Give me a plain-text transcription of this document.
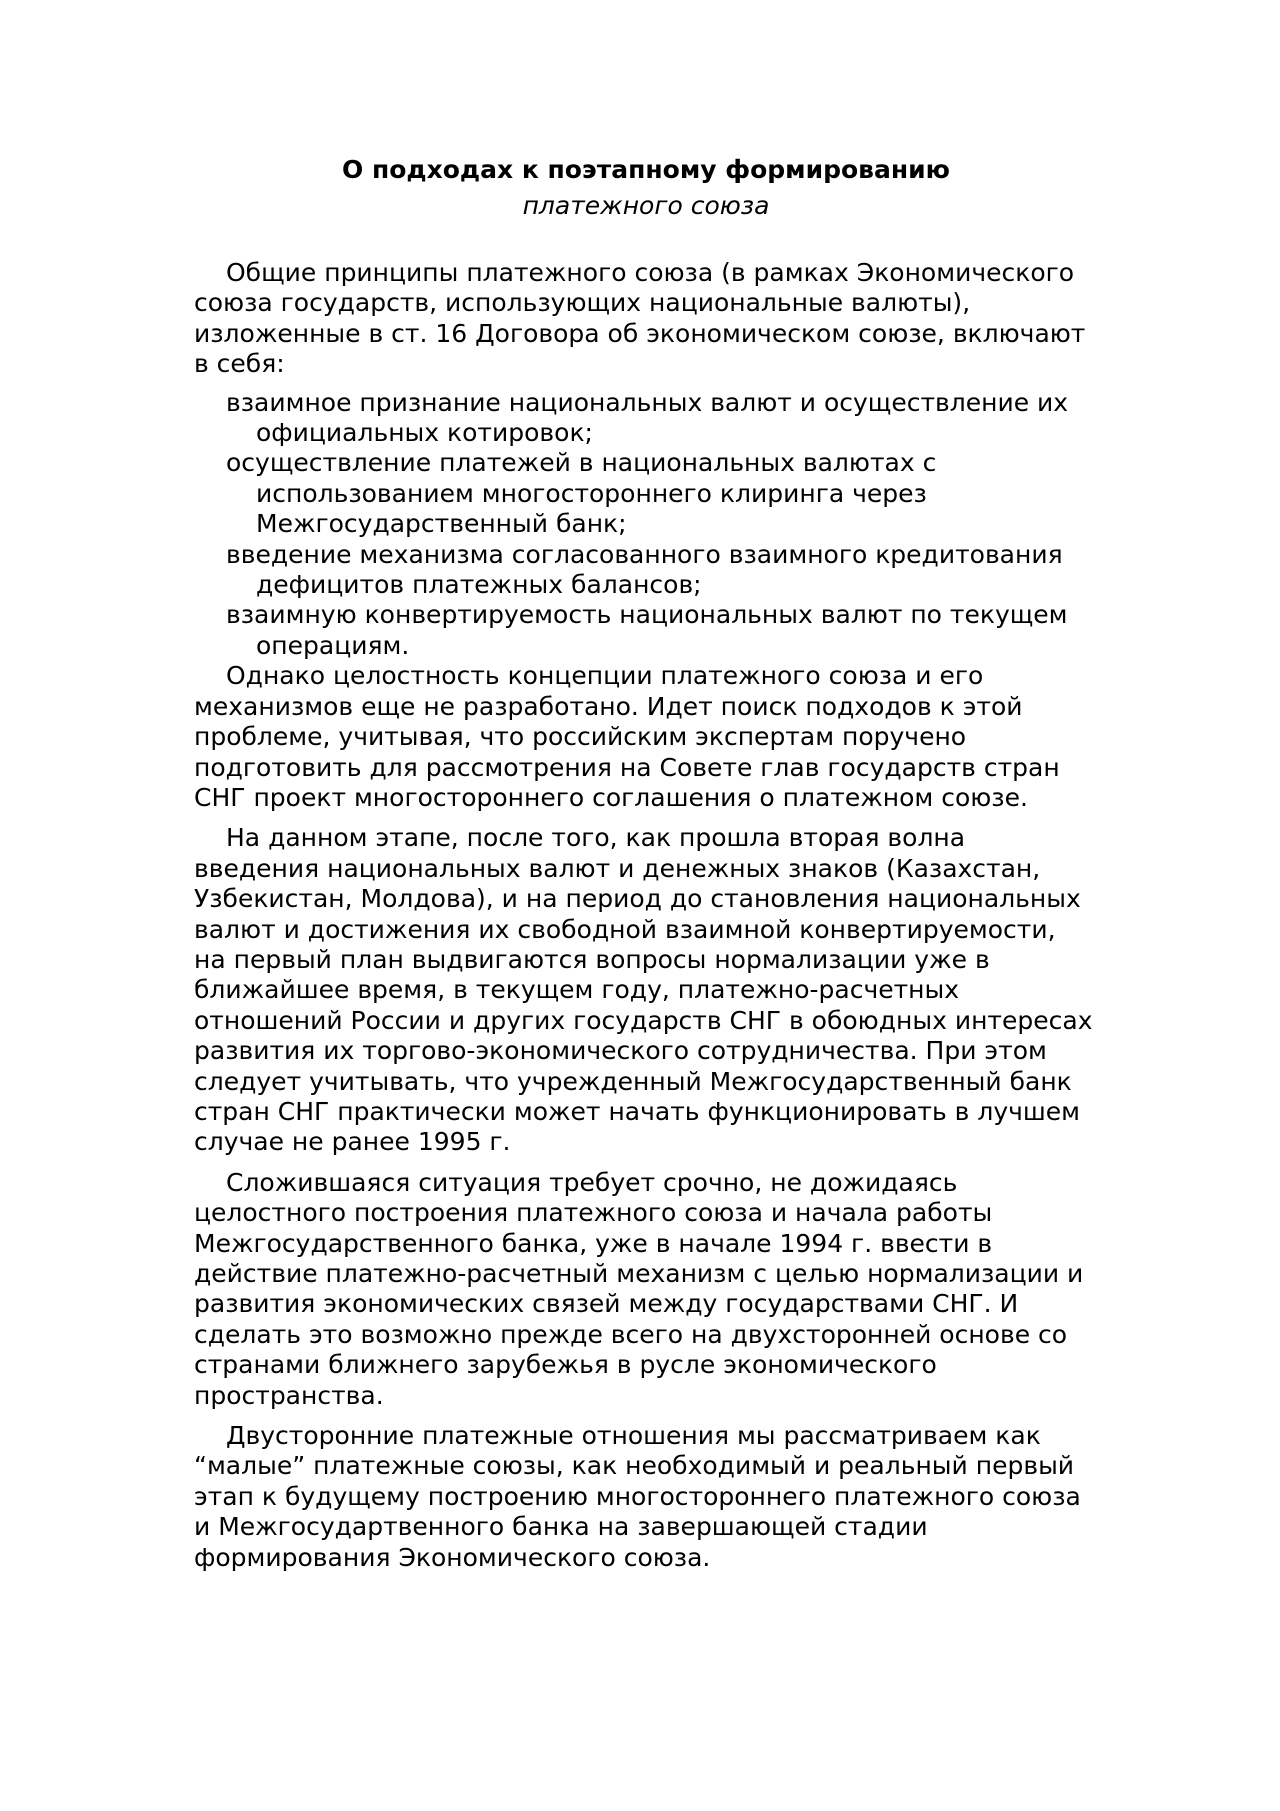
О подходах к поэтапному формированию
платежного союза

Общие принципы платежного союза (в рамках Экономического союза государств, использующих национальные валюты), изложенные в ст. 16 Договора об экономическом союзе, включают в себя:

взаимное признание национальных валют и осуществление их официальных котировок;
осуществление платежей в национальных валютах с использованием многостороннего клиринга через Межгосударственный банк;
введение механизма согласованного взаимного кредитования дефицитов платежных балансов;
взаимную конвертируемость национальных валют по текущем операциям.

Однако целостность концепции платежного союза и его механизмов еще не разработано. Идет поиск подходов к этой проблеме, учитывая, что российским экспертам поручено подготовить для рассмотрения на Совете глав государств стран СНГ проект многостороннего соглашения о платежном союзе.

На данном этапе, после того, как прошла вторая волна введения национальных валют и денежных знаков (Казахстан, Узбекистан, Молдова), и на период до становления национальных валют и достижения их свободной взаимной конвертируемости, на первый план выдвигаются вопросы нормализации уже в ближайшее время, в текущем году, платежно-расчетных отношений России и других государств СНГ в обоюдных интересах развития их торгово-экономического сотрудничества. При этом следует учитывать, что учрежденный Межгосударственный банк стран СНГ практически может начать функционировать в лучшем случае не ранее 1995 г.

Сложившаяся ситуация требует срочно, не дожидаясь целостного построения платежного союза и начала работы Межгосударственного банка, уже в начале 1994 г. ввести в действие платежно-расчетный механизм с целью нормализации и развития экономических связей между государствами СНГ. И сделать это возможно прежде всего на двухсторонней основе со странами ближнего зарубежья в русле экономического пространства.

Двусторонние платежные отношения мы рассматриваем как “малые” платежные союзы, как необходимый и реальный первый этап к будущему построению многостороннего платежного союза и Межгосудартвенного банка на завершающей стадии формирования Экономического союза.
